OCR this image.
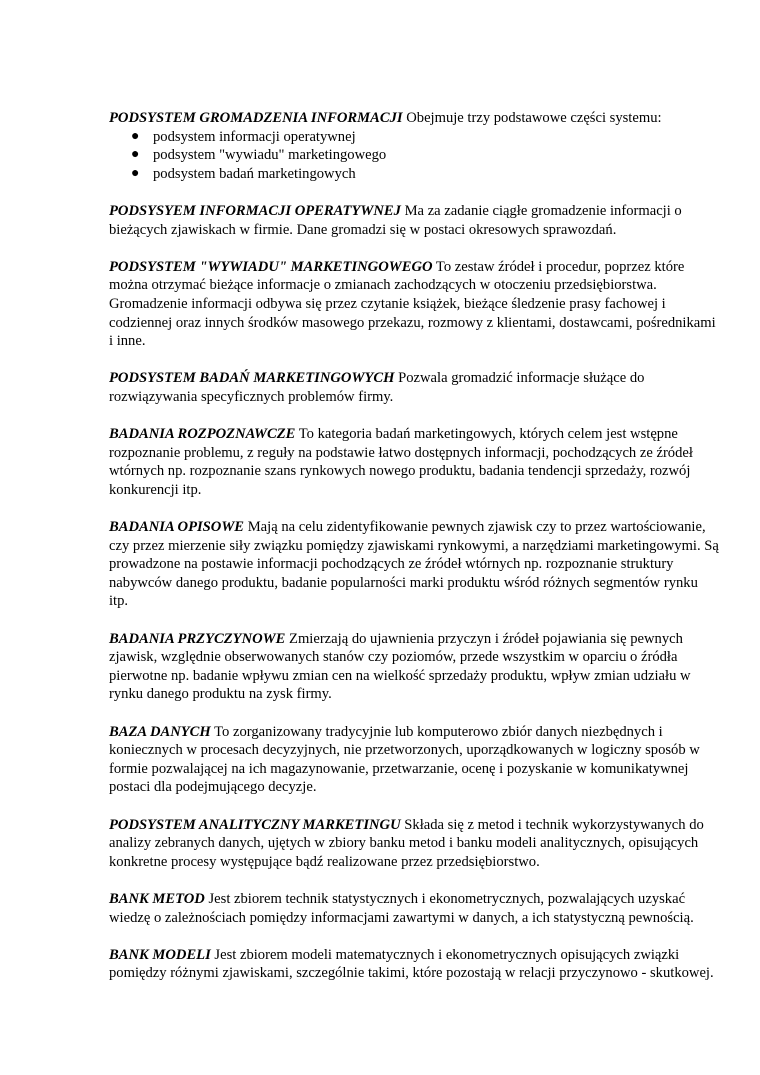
PODSYSTEM GROMADZENIA INFORMACJI Obejmuje trzy podstawowe części systemu:

● podsystem informacji operatywnej
● podsystem "wywiadu" marketingowego
● podsystem badań marketingowych

PODSYSYEM INFORMACJI OPERATYWNEJ Ma za zadanie ciągłe gromadzenie informacji o bieżących zjawiskach w firmie. Dane gromadzi się w postaci okresowych sprawozdań.

PODSYSTEM "WYWIADU" MARKETINGOWEGO To zestaw źródeł i procedur, poprzez które można otrzymać bieżące informacje o zmianach zachodzących w otoczeniu przedsiębiorstwa. Gromadzenie informacji odbywa się przez czytanie książek, bieżące śledzenie prasy fachowej i codziennej oraz innych środków masowego przekazu, rozmowy z klientami, dostawcami, pośrednikami i inne.

PODSYSTEM BADAŃ MARKETINGOWYCH Pozwala gromadzić informacje służące do rozwiązywania specyficznych problemów firmy.

BADANIA ROZPOZNAWCZE To kategoria badań marketingowych, których celem jest wstępne rozpoznanie problemu, z reguły na podstawie łatwo dostępnych informacji, pochodzących ze źródeł  wtórnych np. rozpoznanie szans rynkowych nowego produktu, badania tendencji sprzedaży, rozwój konkurencji itp.

BADANIA OPISOWE Mają na celu zidentyfikowanie pewnych zjawisk czy to przez wartościowanie, czy przez mierzenie siły związku pomiędzy zjawiskami rynkowymi, a narzędziami marketingowymi. Są prowadzone na postawie informacji pochodzących ze źródeł wtórnych np. rozpoznanie struktury nabywców danego produktu, badanie popularności marki produktu wśród różnych segmentów rynku itp.

BADANIA PRZYCZYNOWE Zmierzają do ujawnienia przyczyn i źródeł pojawiania się pewnych zjawisk, względnie obserwowanych stanów czy poziomów, przede wszystkim w oparciu o źródła pierwotne np. badanie wpływu zmian cen na wielkość sprzedaży produktu, wpływ zmian udziału w rynku danego produktu na zysk firmy.

BAZA DANYCH To zorganizowany tradycyjnie lub komputerowo zbiór danych niezbędnych i koniecznych w procesach decyzyjnych, nie przetworzonych, uporządkowanych w logiczny sposób w formie pozwalającej na ich magazynowanie, przetwarzanie, ocenę i pozyskanie w komunikatywnej postaci dla podejmującego decyzje.

PODSYSTEM ANALITYCZNY MARKETINGU Składa się z metod i technik wykorzystywanych do analizy zebranych danych, ujętych w zbiory banku metod i banku modeli analitycznych, opisujących konkretne procesy występujące bądź realizowane przez przedsiębiorstwo.

BANK METOD Jest zbiorem technik statystycznych i ekonometrycznych, pozwalających uzyskać wiedzę o zależnościach pomiędzy informacjami zawartymi w danych, a ich statystyczną pewnością.

BANK MODELI Jest zbiorem modeli matematycznych i ekonometrycznych opisujących związki pomiędzy różnymi zjawiskami, szczególnie takimi, które pozostają w relacji przyczynowo - skutkowej.
